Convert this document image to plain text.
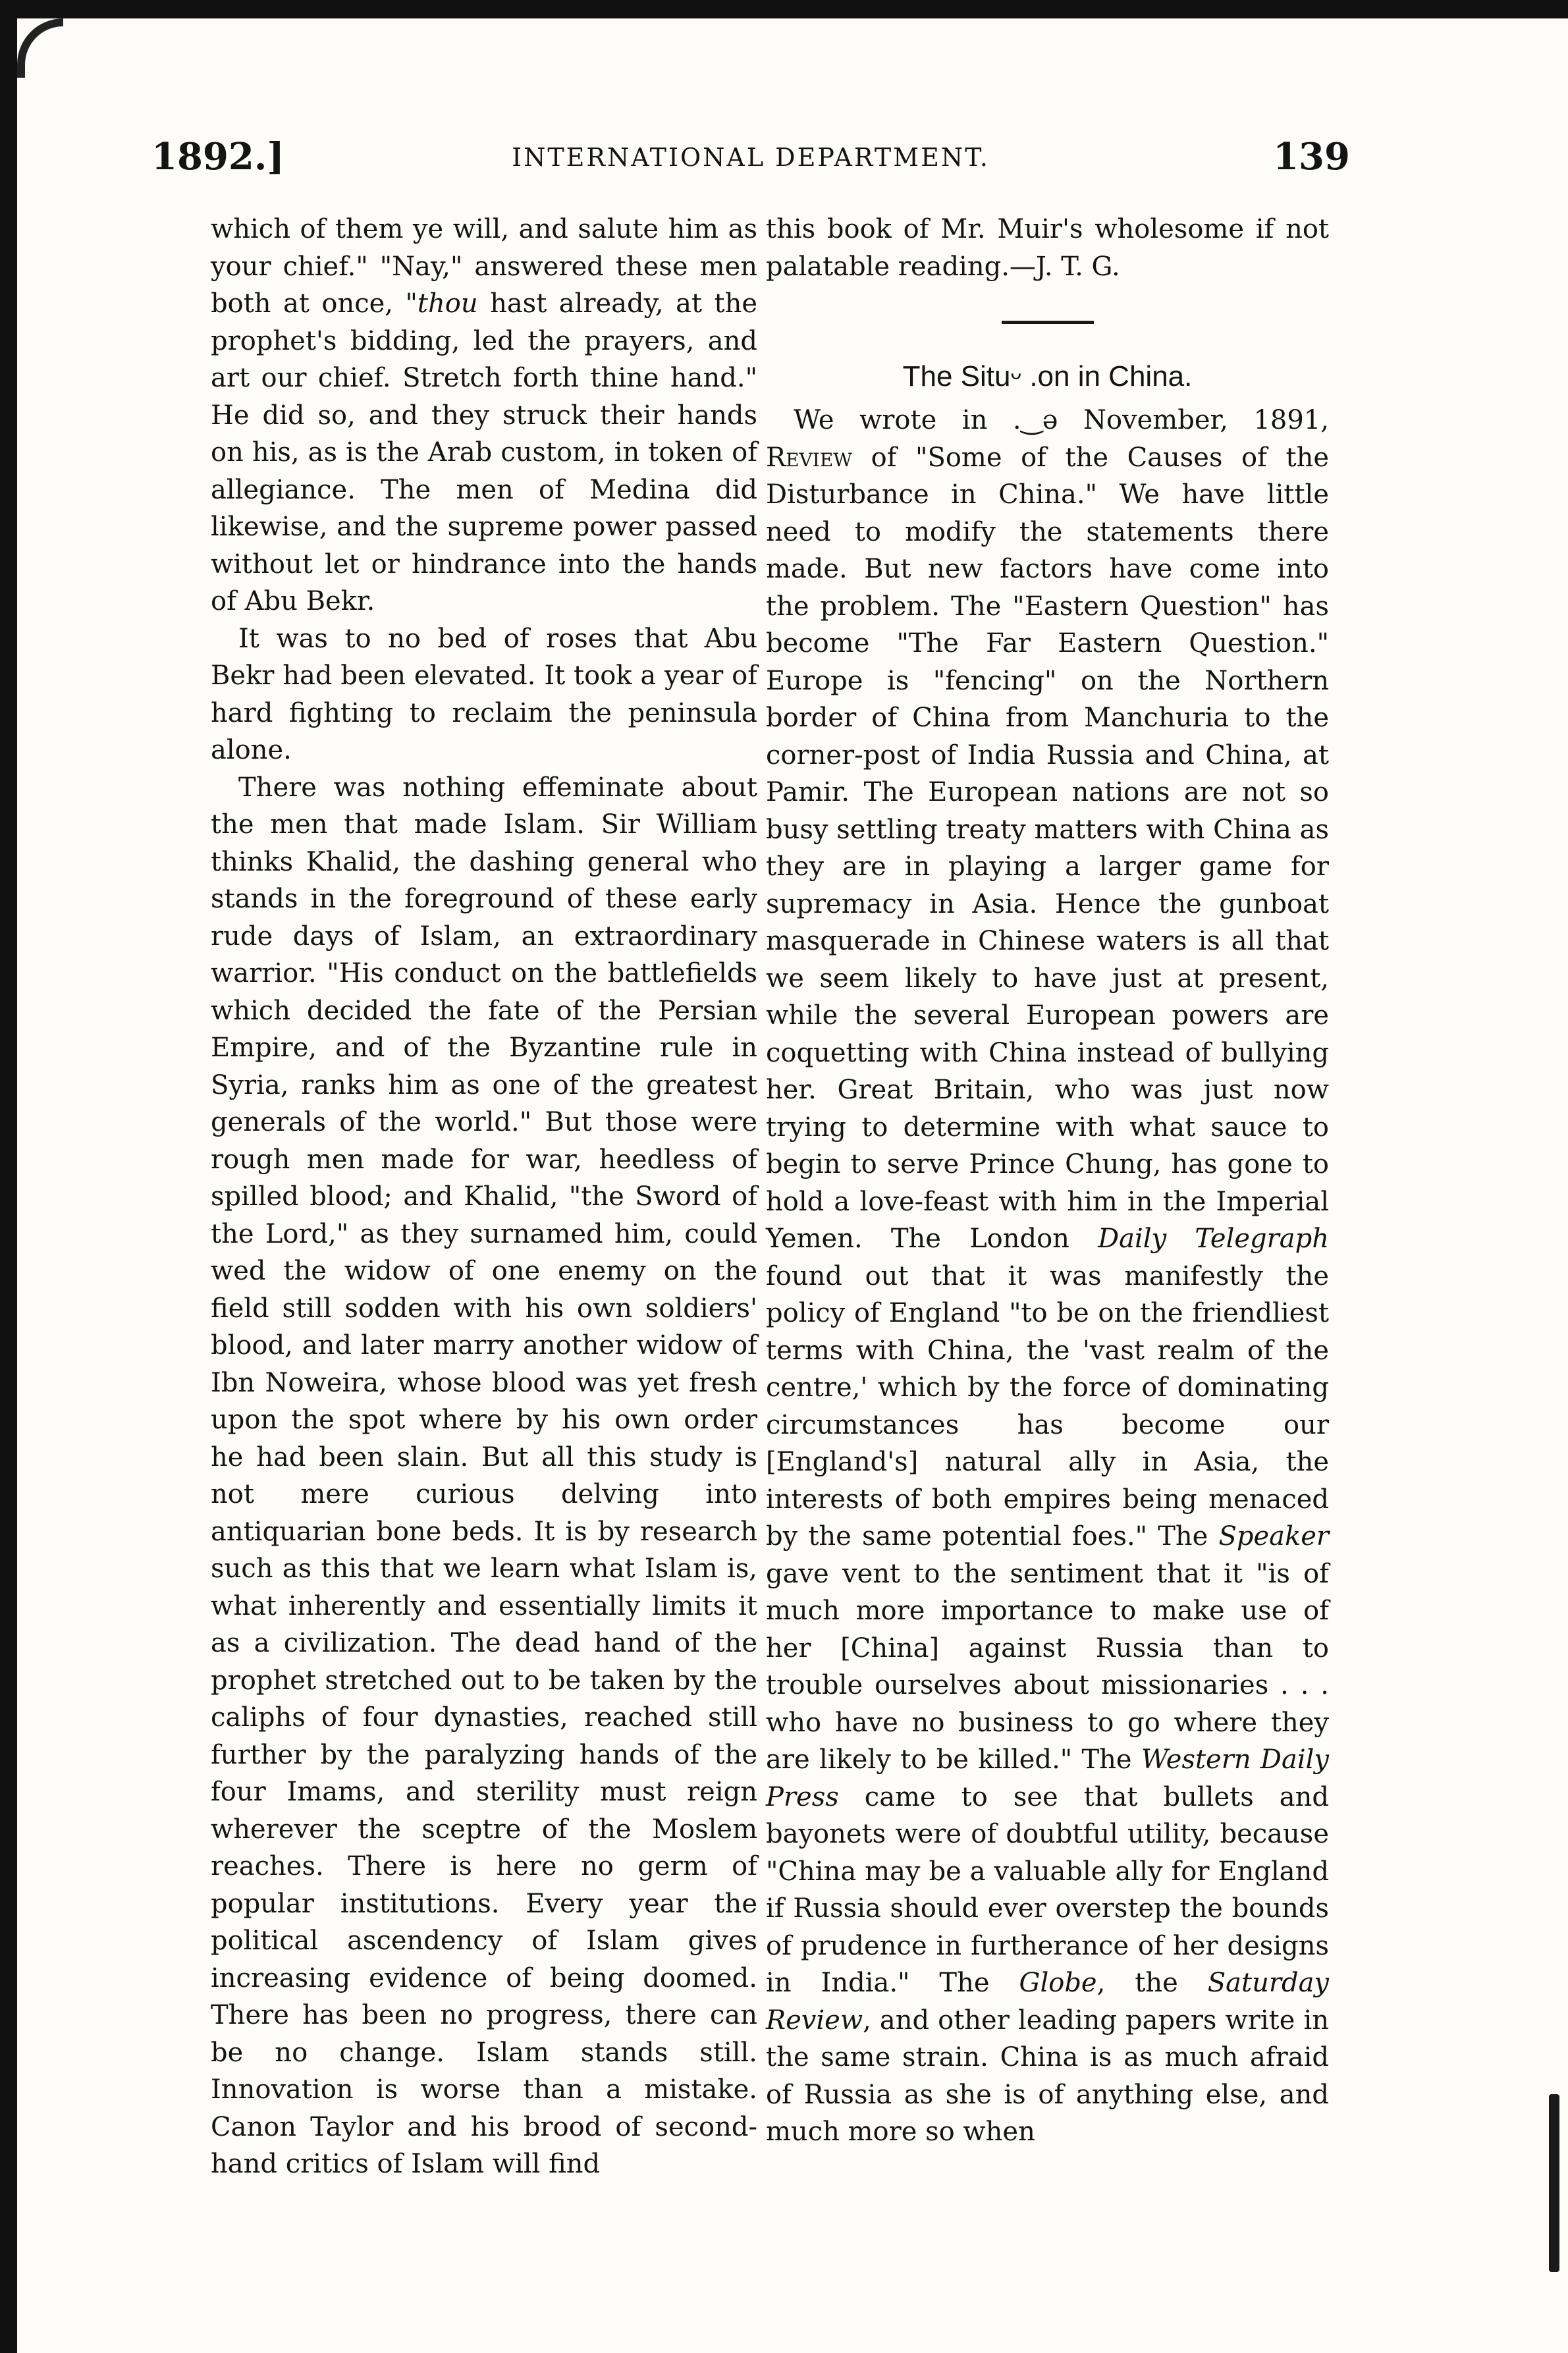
1892.]	INTERNATIONAL DEPARTMENT.	139

which of them ye will, and salute him as your chief." "Nay," answered these men both at once, "thou hast already, at the prophet's bidding, led the prayers, and art our chief. Stretch forth thine hand." He did so, and they struck their hands on his, as is the Arab custom, in token of allegiance. The men of Medina did likewise, and the supreme power passed without let or hindrance into the hands of Abu Bekr.

It was to no bed of roses that Abu Bekr had been elevated. It took a year of hard fighting to reclaim the peninsula alone.

There was nothing effeminate about the men that made Islam. Sir William thinks Khalid, the dashing general who stands in the foreground of these early rude days of Islam, an extraordinary warrior. "His conduct on the battlefields which decided the fate of the Persian Empire, and of the Byzantine rule in Syria, ranks him as one of the greatest generals of the world." But those were rough men made for war, heedless of spilled blood; and Khalid, "the Sword of the Lord," as they surnamed him, could wed the widow of one enemy on the field still sodden with his own soldiers' blood, and later marry another widow of Ibn Noweira, whose blood was yet fresh upon the spot where by his own order he had been slain. But all this study is not mere curious delving into antiquarian bone beds. It is by research such as this that we learn what Islam is, what inherently and essentially limits it as a civilization. The dead hand of the prophet stretched out to be taken by the caliphs of four dynasties, reached still further by the paralyzing hands of the four Imams, and sterility must reign wherever the sceptre of the Moslem reaches. There is here no germ of popular institutions. Every year the political ascendency of Islam gives increasing evidence of being doomed. There has been no progress, there can be no change. Islam stands still. Innovation is worse than a mistake. Canon Taylor and his brood of second-hand critics of Islam will find

this book of Mr. Muir's wholesome if not palatable reading.—J. T. G.

The Situ⁠ᵕ .on in China.

We wrote in .‿ə November, 1891, Review of "Some of the Causes of the Disturbance in China." We have little need to modify the statements there made. But new factors have come into the problem. The "Eastern Question" has become "The Far Eastern Question." Europe is "fencing" on the Northern border of China from Manchuria to the corner-post of India Russia and China, at Pamir. The European nations are not so busy settling treaty matters with China as they are in playing a larger game for supremacy in Asia. Hence the gunboat masquerade in Chinese waters is all that we seem likely to have just at present, while the several European powers are coquetting with China instead of bullying her. Great Britain, who was just now trying to determine with what sauce to begin to serve Prince Chung, has gone to hold a love-feast with him in the Imperial Yemen. The London Daily Telegraph found out that it was manifestly the policy of England "to be on the friendliest terms with China, the 'vast realm of the centre,' which by the force of dominating circumstances has become our [England's] natural ally in Asia, the interests of both empires being menaced by the same potential foes." The Speaker gave vent to the sentiment that it "is of much more importance to make use of her [China] against Russia than to trouble ourselves about missionaries . . . who have no business to go where they are likely to be killed." The Western Daily Press came to see that bullets and bayonets were of doubtful utility, because "China may be a valuable ally for England if Russia should ever overstep the bounds of prudence in furtherance of her designs in India." The Globe, the Saturday Review, and other leading papers write in the same strain. China is as much afraid of Russia as she is of anything else, and much more so when
